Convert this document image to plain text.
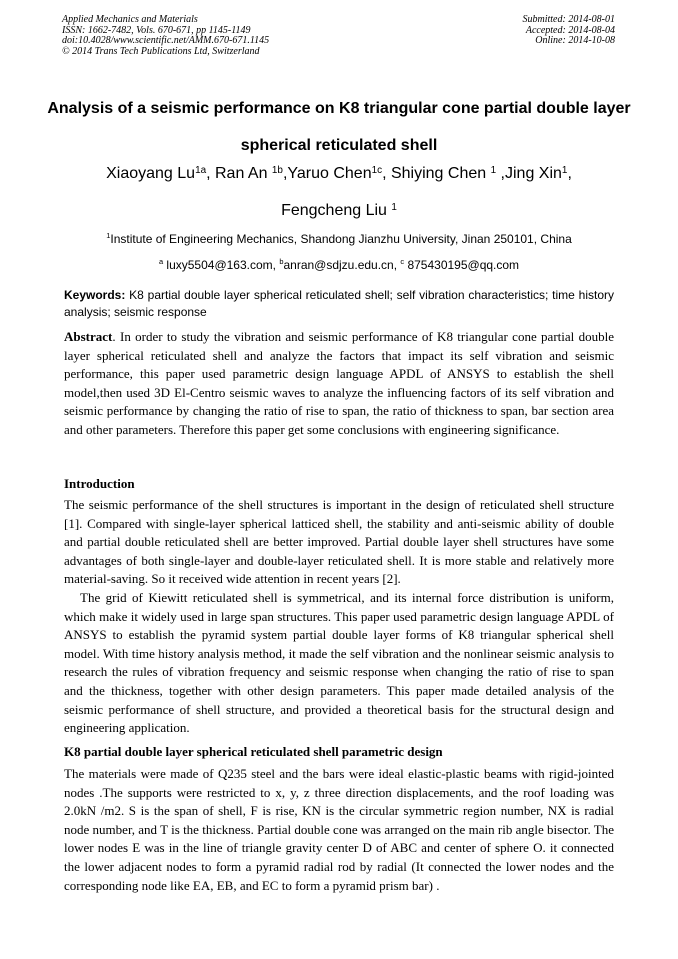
Applied Mechanics and Materials
ISSN: 1662-7482, Vols. 670-671, pp 1145-1149
doi:10.4028/www.scientific.net/AMM.670-671.1145
© 2014 Trans Tech Publications Ltd, Switzerland
Submitted: 2014-08-01
Accepted: 2014-08-04
Online: 2014-10-08
Analysis of a seismic performance on K8 triangular cone partial double layer spherical reticulated shell
Xiaoyang $Lu^{1a}$, Ran An $^{1b}$,Yaruo Chen$^{1c}$, Shiying Chen $^1$ ,Jing Xin$^1$,
Fengcheng Liu $^1$
$^1$Institute of Engineering Mechanics, Shandong Jianzhu University, Jinan 250101, China
$^a$ luxy5504@163.com, $^b$anran@sdjzu.edu.cn, $^c$ 875430195@qq.com
Keywords: K8 partial double layer spherical reticulated shell; self vibration characteristics; time history analysis; seismic response
Abstract. In order to study the vibration and seismic performance of K8 triangular cone partial double layer spherical reticulated shell and analyze the factors that impact its self vibration and seismic performance, this paper used parametric design language APDL of ANSYS to establish the shell model,then used 3D El-Centro seismic waves to analyze the influencing factors of its self vibration and seismic performance by changing the ratio of rise to span, the ratio of thickness to span, bar section area and other parameters. Therefore this paper get some conclusions with engineering significance.
Introduction

The seismic performance of the shell structures is important in the design of reticulated shell structure [1]. Compared with single-layer spherical latticed shell, the stability and anti-seismic ability of double and partial double reticulated shell are better improved. Partial double layer shell structures have some advantages of both single-layer and double-layer reticulated shell. It is more stable and relatively more material-saving. So it received wide attention in recent years [2].

The grid of Kiewitt reticulated shell is symmetrical, and its internal force distribution is uniform, which make it widely used in large span structures. This paper used parametric design language APDL of ANSYS to establish the pyramid system partial double layer forms of K8 triangular spherical shell model. With time history analysis method, it made the self vibration and the nonlinear seismic analysis to research the rules of vibration frequency and seismic response when changing the ratio of rise to span and the thickness, together with other design parameters. This paper made detailed analysis of the seismic performance of shell structure, and provided a theoretical basis for the structural design and engineering application.

K8 partial double layer spherical reticulated shell parametric design

The materials were made of Q235 steel and the bars were ideal elastic-plastic beams with rigid-jointed nodes .The supports were restricted to x, y, z three direction displacements, and the roof loading was 2.0kN /m2. S is the span of shell, F is rise, KN is the circular symmetric region number, NX is radial node number, and T is the thickness. Partial double cone was arranged on the main rib angle bisector. The lower nodes E was in the line of triangle gravity center D of ABC and center of sphere O. it connected the lower adjacent nodes to form a pyramid radial rod by radial (It connected the lower nodes and the corresponding node like EA, EB, and EC to form a pyramid prism bar) .
